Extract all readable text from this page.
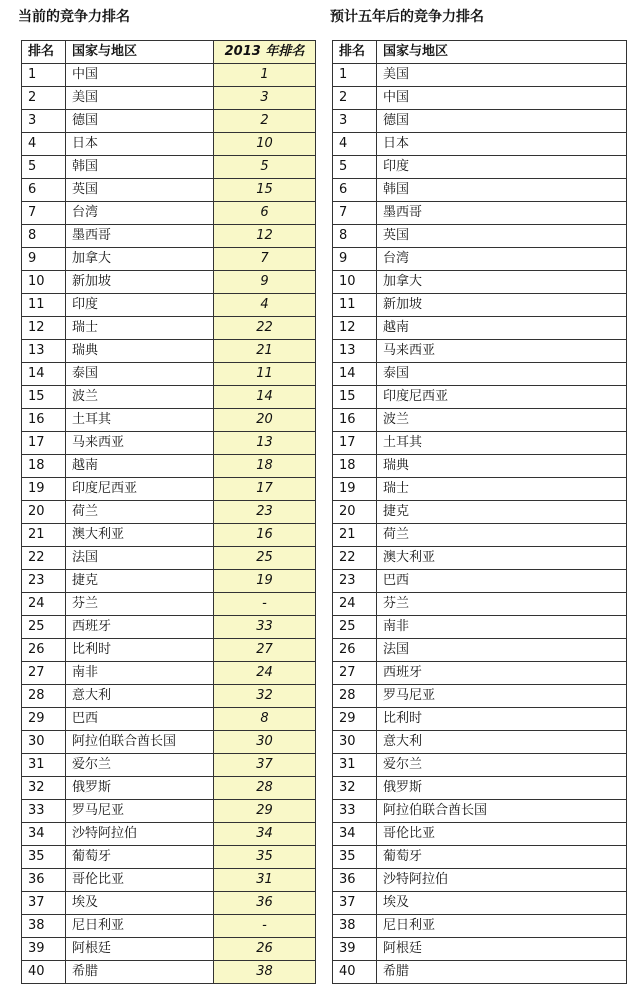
当前的竞争力排名	预计五年后的竞争力排名
排名	国家与地区	2013 年排名
1	中国	1
2	美国	3
3	德国	2
4	日本	10
5	韩国	5
6	英国	15
7	台湾	6
8	墨西哥	12
9	加拿大	7
10	新加坡	9
11	印度	4
12	瑞士	22
13	瑞典	21
14	泰国	11
15	波兰	14
16	土耳其	20
17	马来西亚	13
18	越南	18
19	印度尼西亚	17
20	荷兰	23
21	澳大利亚	16
22	法国	25
23	捷克	19
24	芬兰	-
25	西班牙	33
26	比利时	27
27	南非	24
28	意大利	32
29	巴西	8
30	阿拉伯联合酋长国	30
31	爱尔兰	37
32	俄罗斯	28
33	罗马尼亚	29
34	沙特阿拉伯	34
35	葡萄牙	35
36	哥伦比亚	31
37	埃及	36
38	尼日利亚	-
39	阿根廷	26
40	希腊	38
排名	国家与地区
1	美国
2	中国
3	德国
4	日本
5	印度
6	韩国
7	墨西哥
8	英国
9	台湾
10	加拿大
11	新加坡
12	越南
13	马来西亚
14	泰国
15	印度尼西亚
16	波兰
17	土耳其
18	瑞典
19	瑞士
20	捷克
21	荷兰
22	澳大利亚
23	巴西
24	芬兰
25	南非
26	法国
27	西班牙
28	罗马尼亚
29	比利时
30	意大利
31	爱尔兰
32	俄罗斯
33	阿拉伯联合酋长国
34	哥伦比亚
35	葡萄牙
36	沙特阿拉伯
37	埃及
38	尼日利亚
39	阿根廷
40	希腊
